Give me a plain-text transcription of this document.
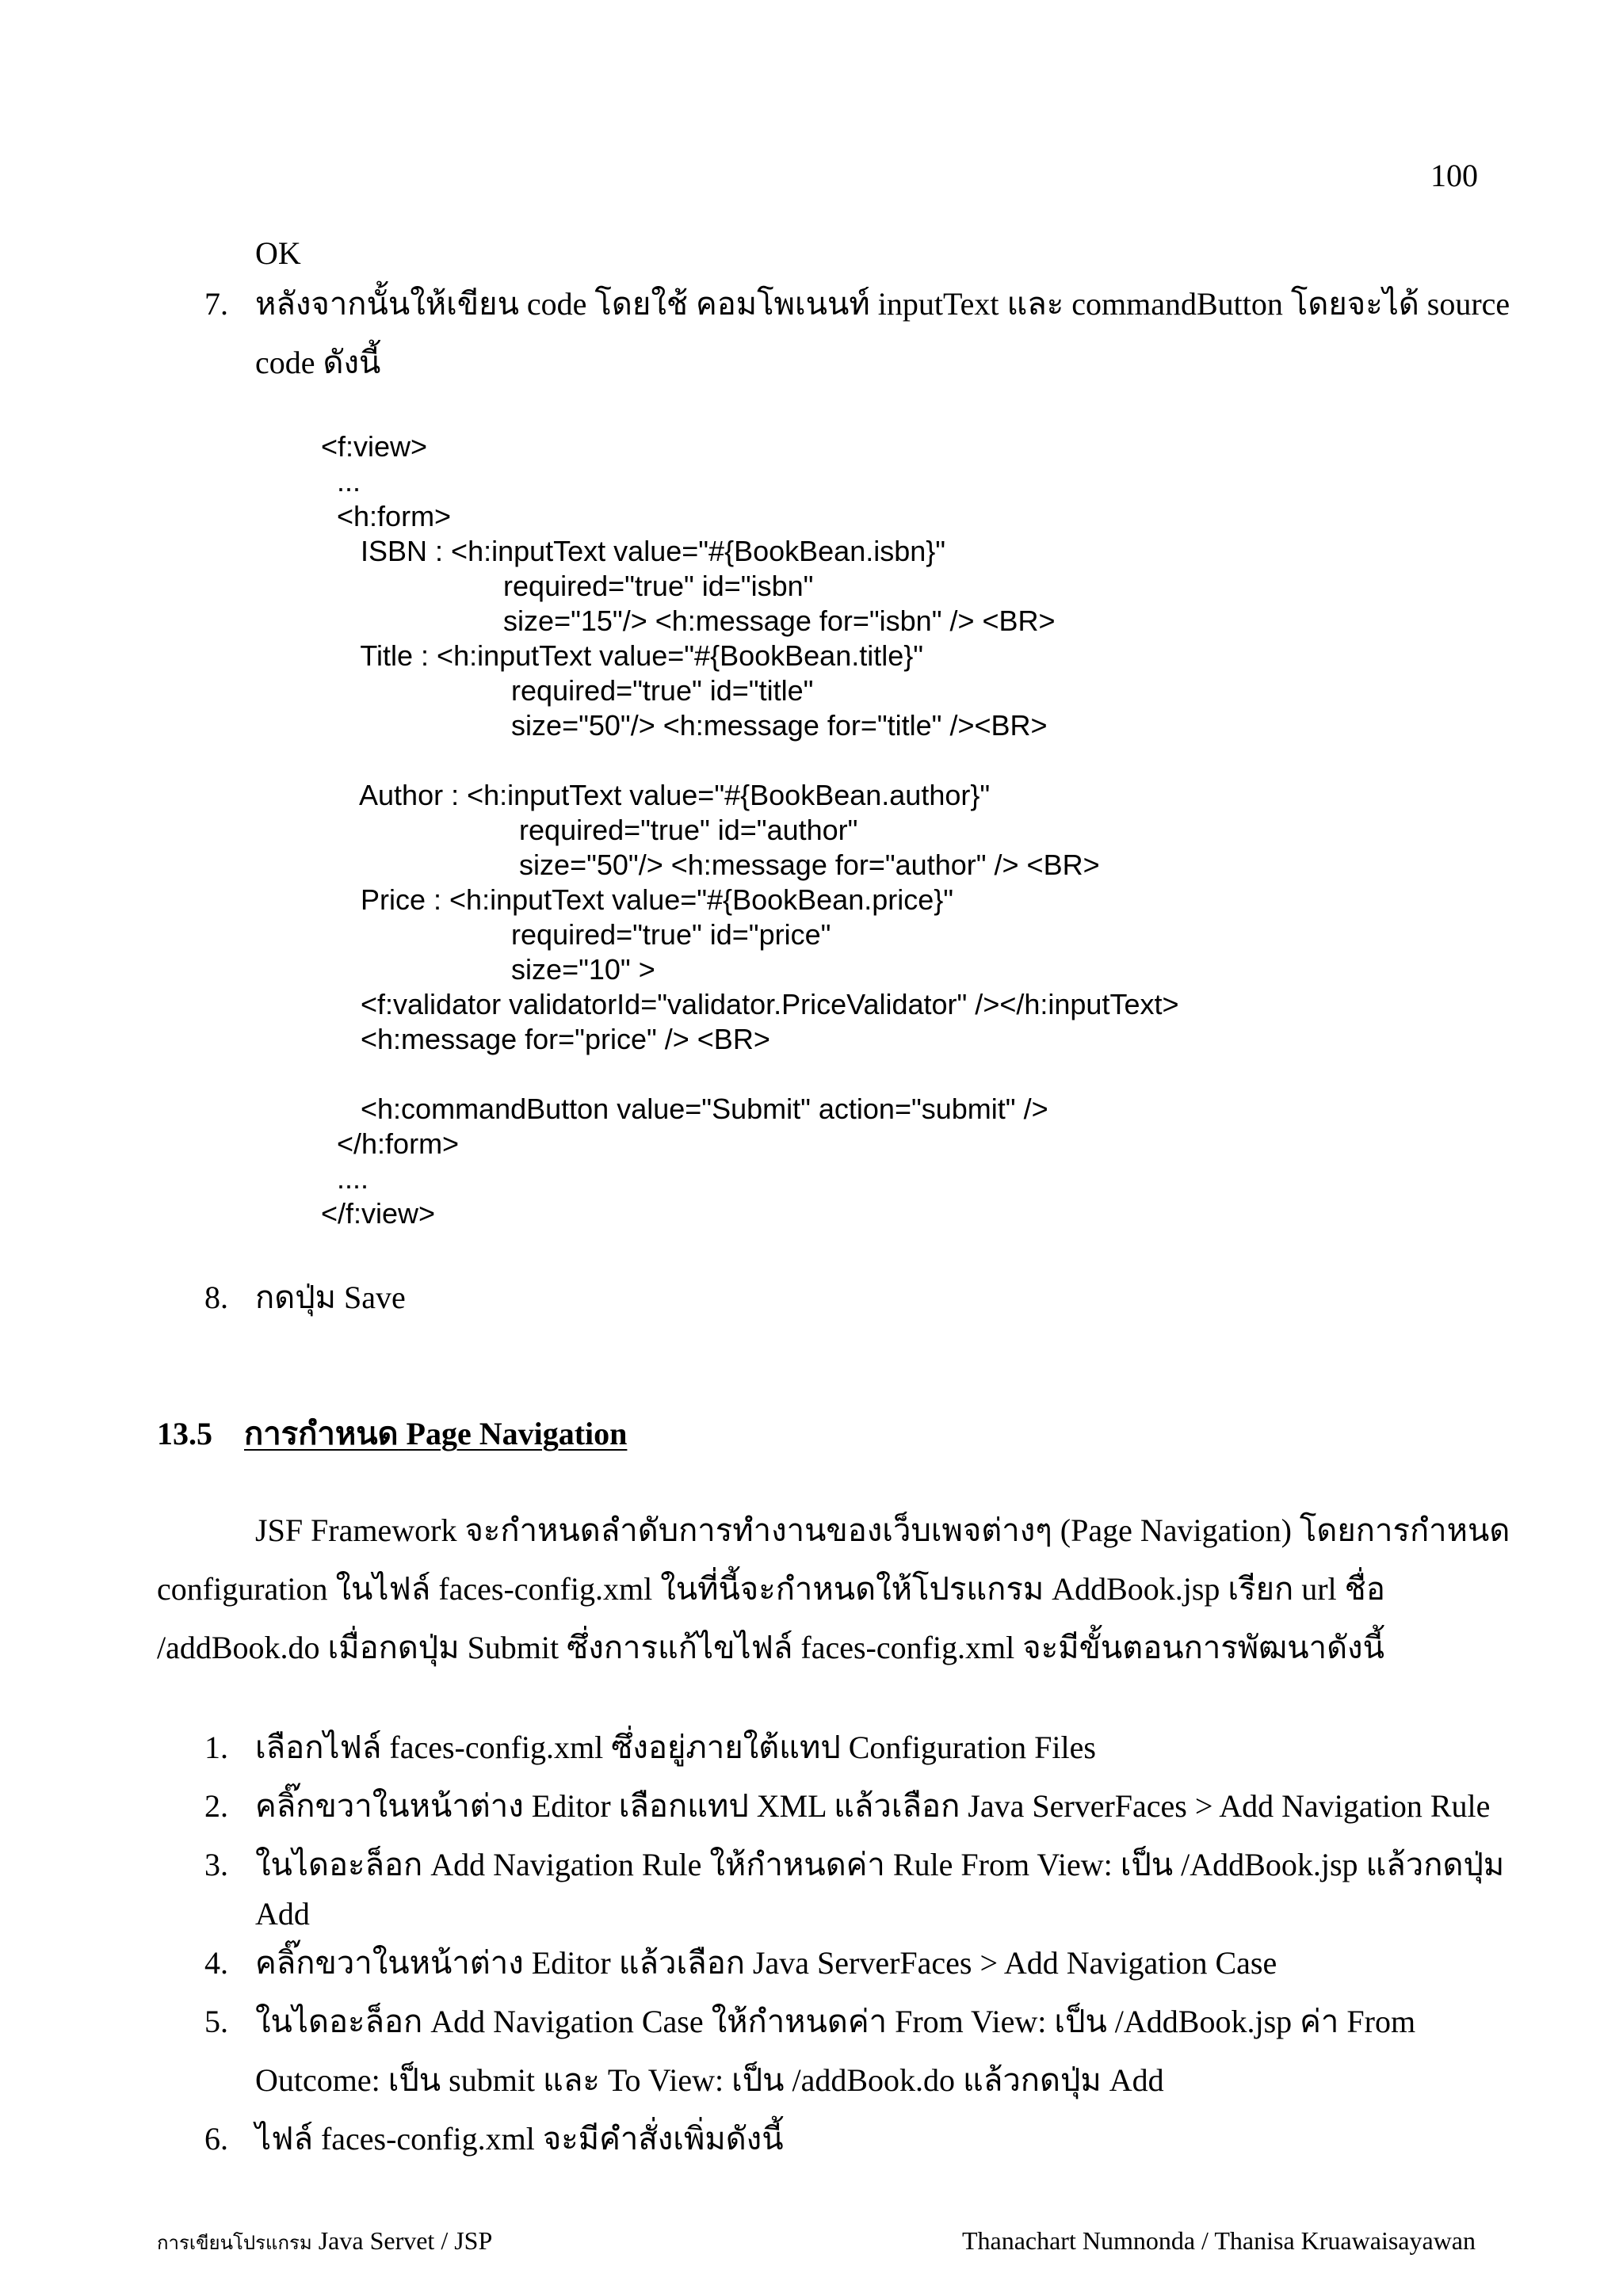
100
OK
7. หลังจากนั้นให้เขียน code โดยใช้ คอมโพเนนท์ inputText และ commandButton โดยจะได้ source
code ดังนี้
<f:view>
...
<h:form>
ISBN : <h:inputText value="#{BookBean.isbn}"
required="true" id="isbn"
size="15"/> <h:message for="isbn" /> <BR>
Title : <h:inputText value="#{BookBean.title}"
required="true" id="title"
size="50"/> <h:message for="title" /><BR>
Author : <h:inputText value="#{BookBean.author}"
required="true" id="author"
size="50"/> <h:message for="author" /> <BR>
Price : <h:inputText value="#{BookBean.price}"
required="true" id="price"
size="10" >
<f:validator validatorId="validator.PriceValidator" /></h:inputText>
<h:message for="price" /> <BR>
<h:commandButton value="Submit" action="submit" />
</h:form>
....
</f:view>
8. กดปุ่ม Save
13.5 การกำหนด Page Navigation
JSF Framework จะกำหนดลำดับการทำงานของเว็บเพจต่างๆ (Page Navigation) โดยการกำหนด
configuration ในไฟล์ faces-config.xml ในที่นี้จะกำหนดให้โปรแกรม AddBook.jsp เรียก url ชื่อ
/addBook.do เมื่อกดปุ่ม Submit ซึ่งการแก้ไขไฟล์ faces-config.xml จะมีขั้นตอนการพัฒนาดังนี้
1. เลือกไฟล์ faces-config.xml ซึ่งอยู่ภายใต้แทป Configuration Files
2. คลิ๊กขวาในหน้าต่าง Editor เลือกแทป XML แล้วเลือก Java ServerFaces > Add Navigation Rule
3. ในไดอะล็อก Add Navigation Rule ให้กำหนดค่า Rule From View: เป็น /AddBook.jsp แล้วกดปุ่ม
Add
4. คลิ๊กขวาในหน้าต่าง Editor แล้วเลือก Java ServerFaces > Add Navigation Case
5. ในไดอะล็อก Add Navigation Case ให้กำหนดค่า From View: เป็น /AddBook.jsp ค่า From
Outcome: เป็น submit และ To View: เป็น /addBook.do แล้วกดปุ่ม Add
6. ไฟล์ faces-config.xml จะมีคำสั่งเพิ่มดังนี้
การเขียนโปรแกรม Java Servet / JSP	Thanachart Numnonda / Thanisa Kruawaisayawan
